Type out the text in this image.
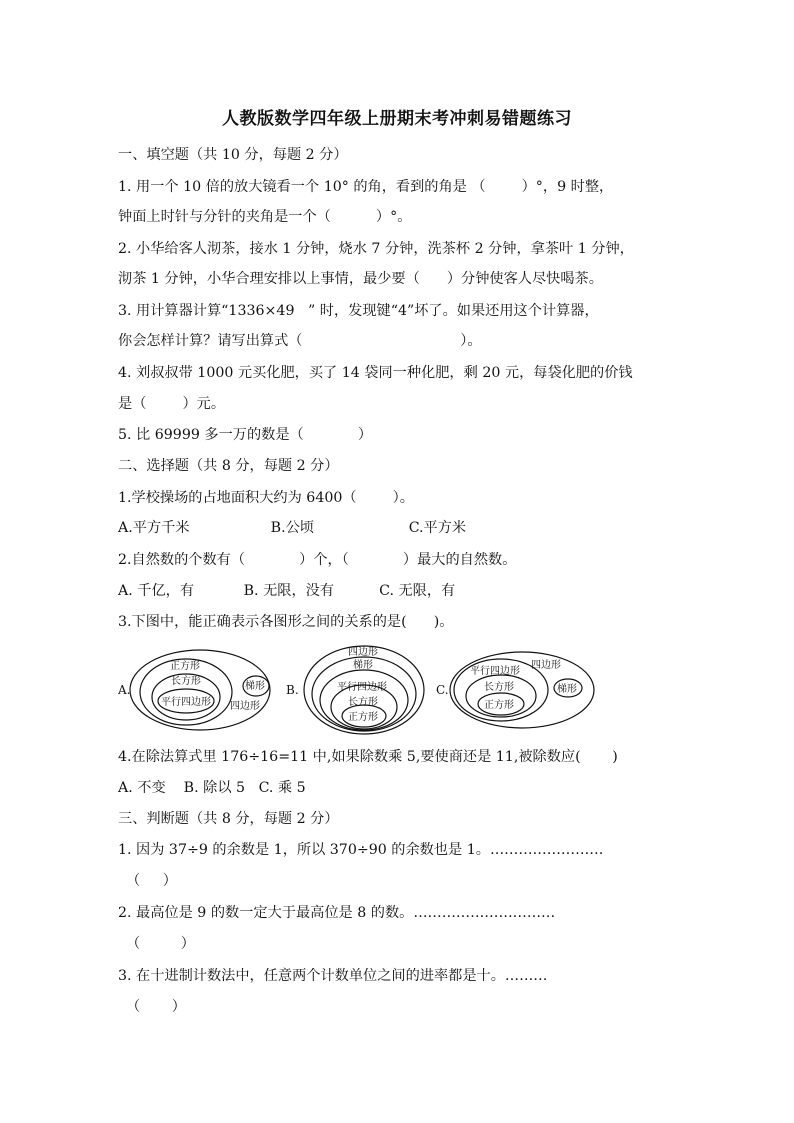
人教版数学四年级上册期末考冲刺易错题练习
一、填空题（共 10 分，每题 2 分）
1. 用一个 10 倍的放大镜看一个 10° 的角，看到的角是 （        ）°，9 时整，
钟面上时针与分针的夹角是一个（          ）°。
2. 小华给客人沏茶，接水 1 分钟，烧水 7 分钟，洗茶杯 2 分钟，拿茶叶 1 分钟，
沏茶 1 分钟，小华合理安排以上事情，最少要（      ）分钟使客人尽快喝茶。
3. 用计算器计算“1336×49   ” 时，发现键“4”坏了。如果还用这个计算器，
你会怎样计算？请写出算式（                                   ）。
4. 刘叔叔带 1000 元买化肥，买了 14 袋同一种化肥，剩 20 元，每袋化肥的价钱
是（        ）元。
5. 比 69999 多一万的数是（            ）
二、选择题（共 8 分，每题 2 分）
1.学校操场的占地面积大约为 6400（        ）。
A.平方千米                  B.公顷                     C.平方米
2.自然数的个数有（            ）个，（            ）最大的自然数。
A. 千亿，有           B. 无限，没有          C. 无限，有
3.下图中，能正确表示各图形之间的关系的是(      )。
A.
正方形
长方形
平行四边形 四边形
梯形 B.
四边形
梯形
平行四边形
长方形
正方形
C.
平行四边形
四边形
长方形
正方形
梯形
4.在除法算式里 176÷16=11 中,如果除数乘 5,要使商还是 11,被除数应(       )
A. 不变    B. 除以 5   C. 乘 5
三、判断题（共 8 分，每题 2 分）
1. 因为 37÷9 的余数是 1，所以 370÷90 的余数也是 1。……………………
（     ）
2. 最高位是 9 的数一定大于最高位是 8 的数。…………………………
（         ）
3. 在十进制计数法中，任意两个计数单位之间的进率都是十。………
（       ）
